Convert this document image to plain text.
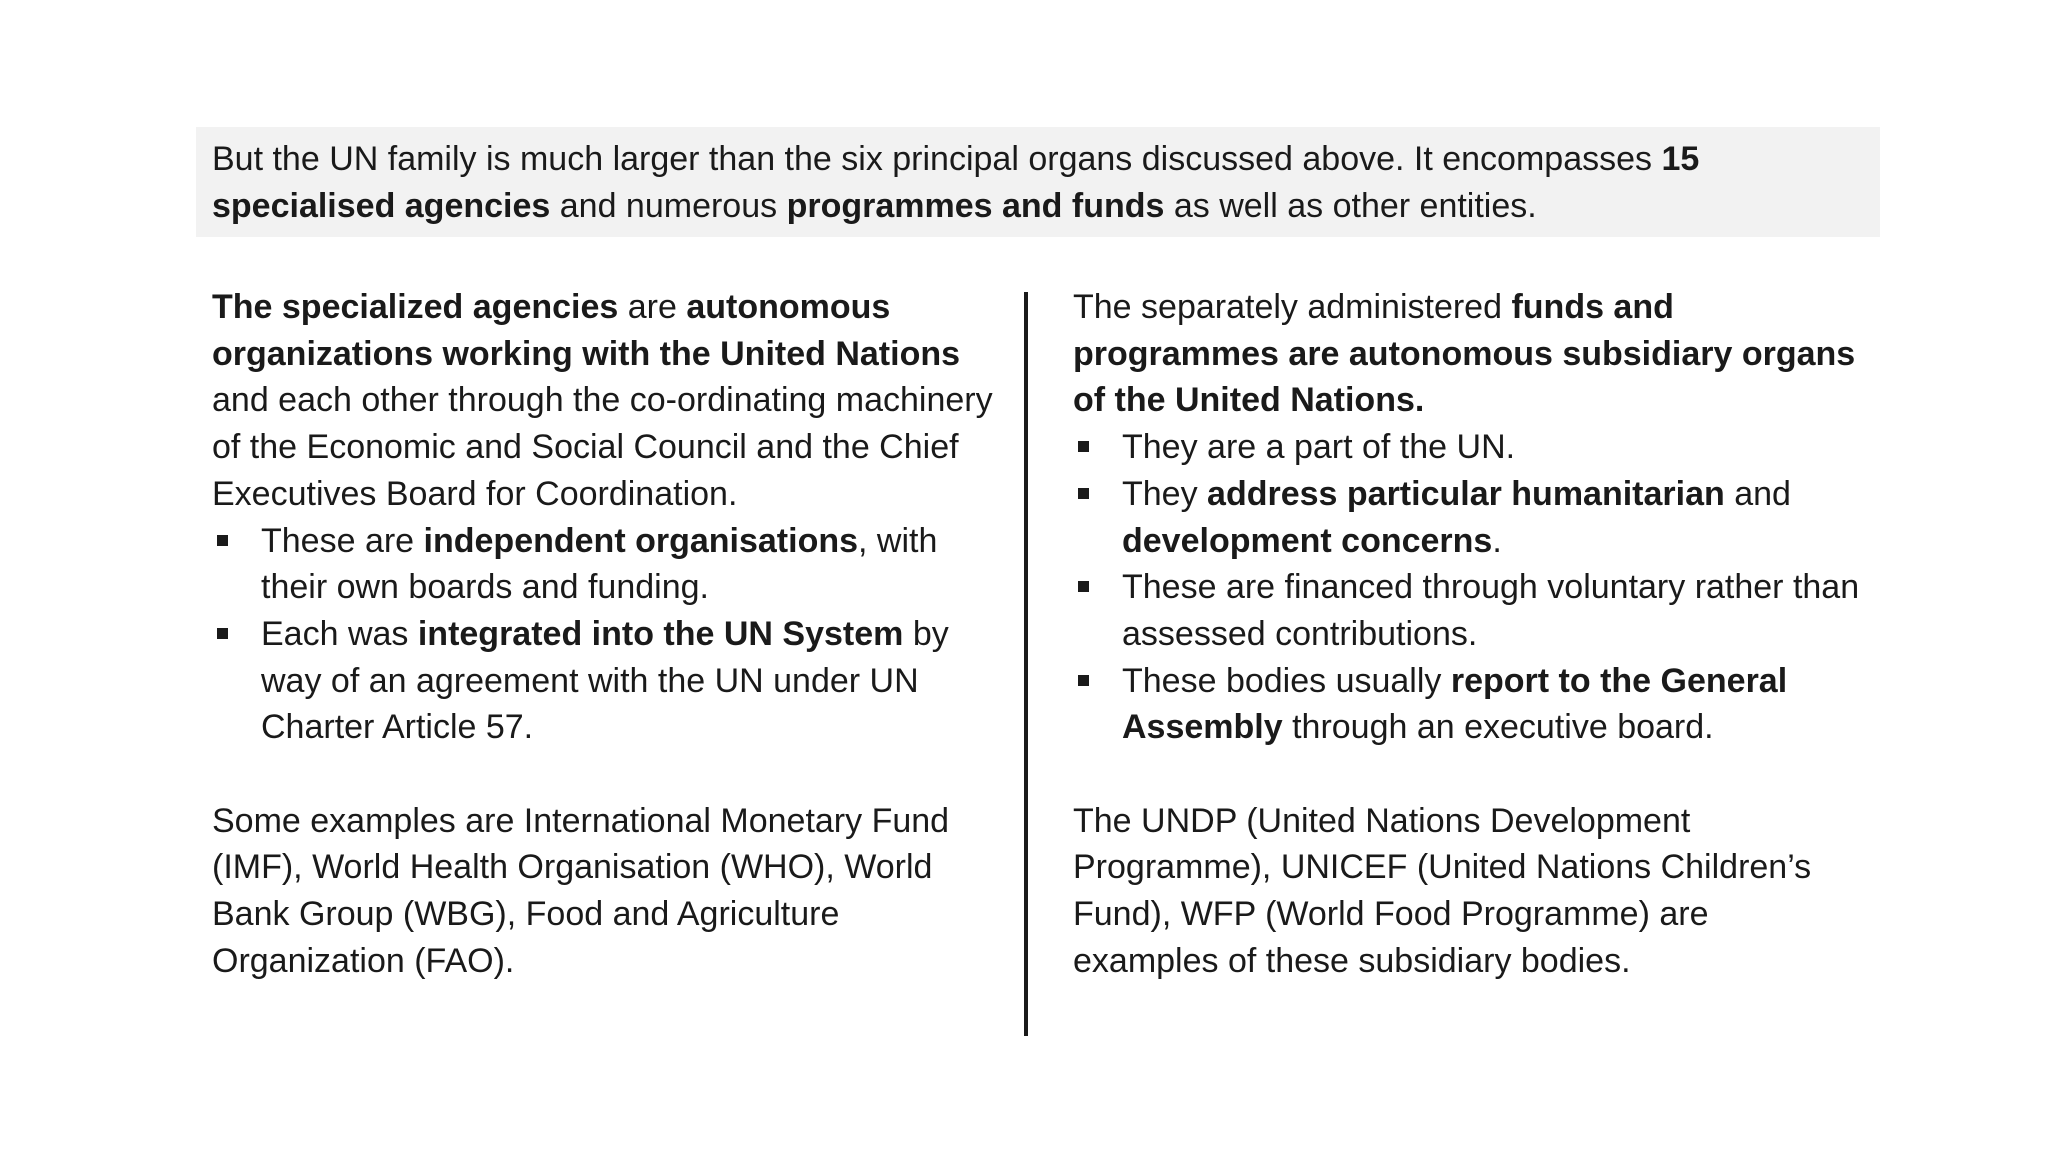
But the UN family is much larger than the six principal organs discussed above. It encompasses 15 specialised agencies and numerous programmes and funds as well as other entities.

The specialized agencies are autonomous organizations working with the United Nations and each other through the co-ordinating machinery of the Economic and Social Council and the Chief Executives Board for Coordination.

These are independent organisations, with their own boards and funding.
Each was integrated into the UN System by way of an agreement with the UN under UN Charter Article 57.

Some examples are International Monetary Fund (IMF), World Health Organisation (WHO), World Bank Group (WBG), Food and Agriculture Organization (FAO).

The separately administered funds and programmes are autonomous subsidiary organs of the United Nations.

They are a part of the UN.
They address particular humanitarian and development concerns.
These are financed through voluntary rather than assessed contributions.
These bodies usually report to the General Assembly through an executive board.

The UNDP (United Nations Development Programme), UNICEF (United Nations Children’s Fund), WFP (World Food Programme) are examples of these subsidiary bodies.
